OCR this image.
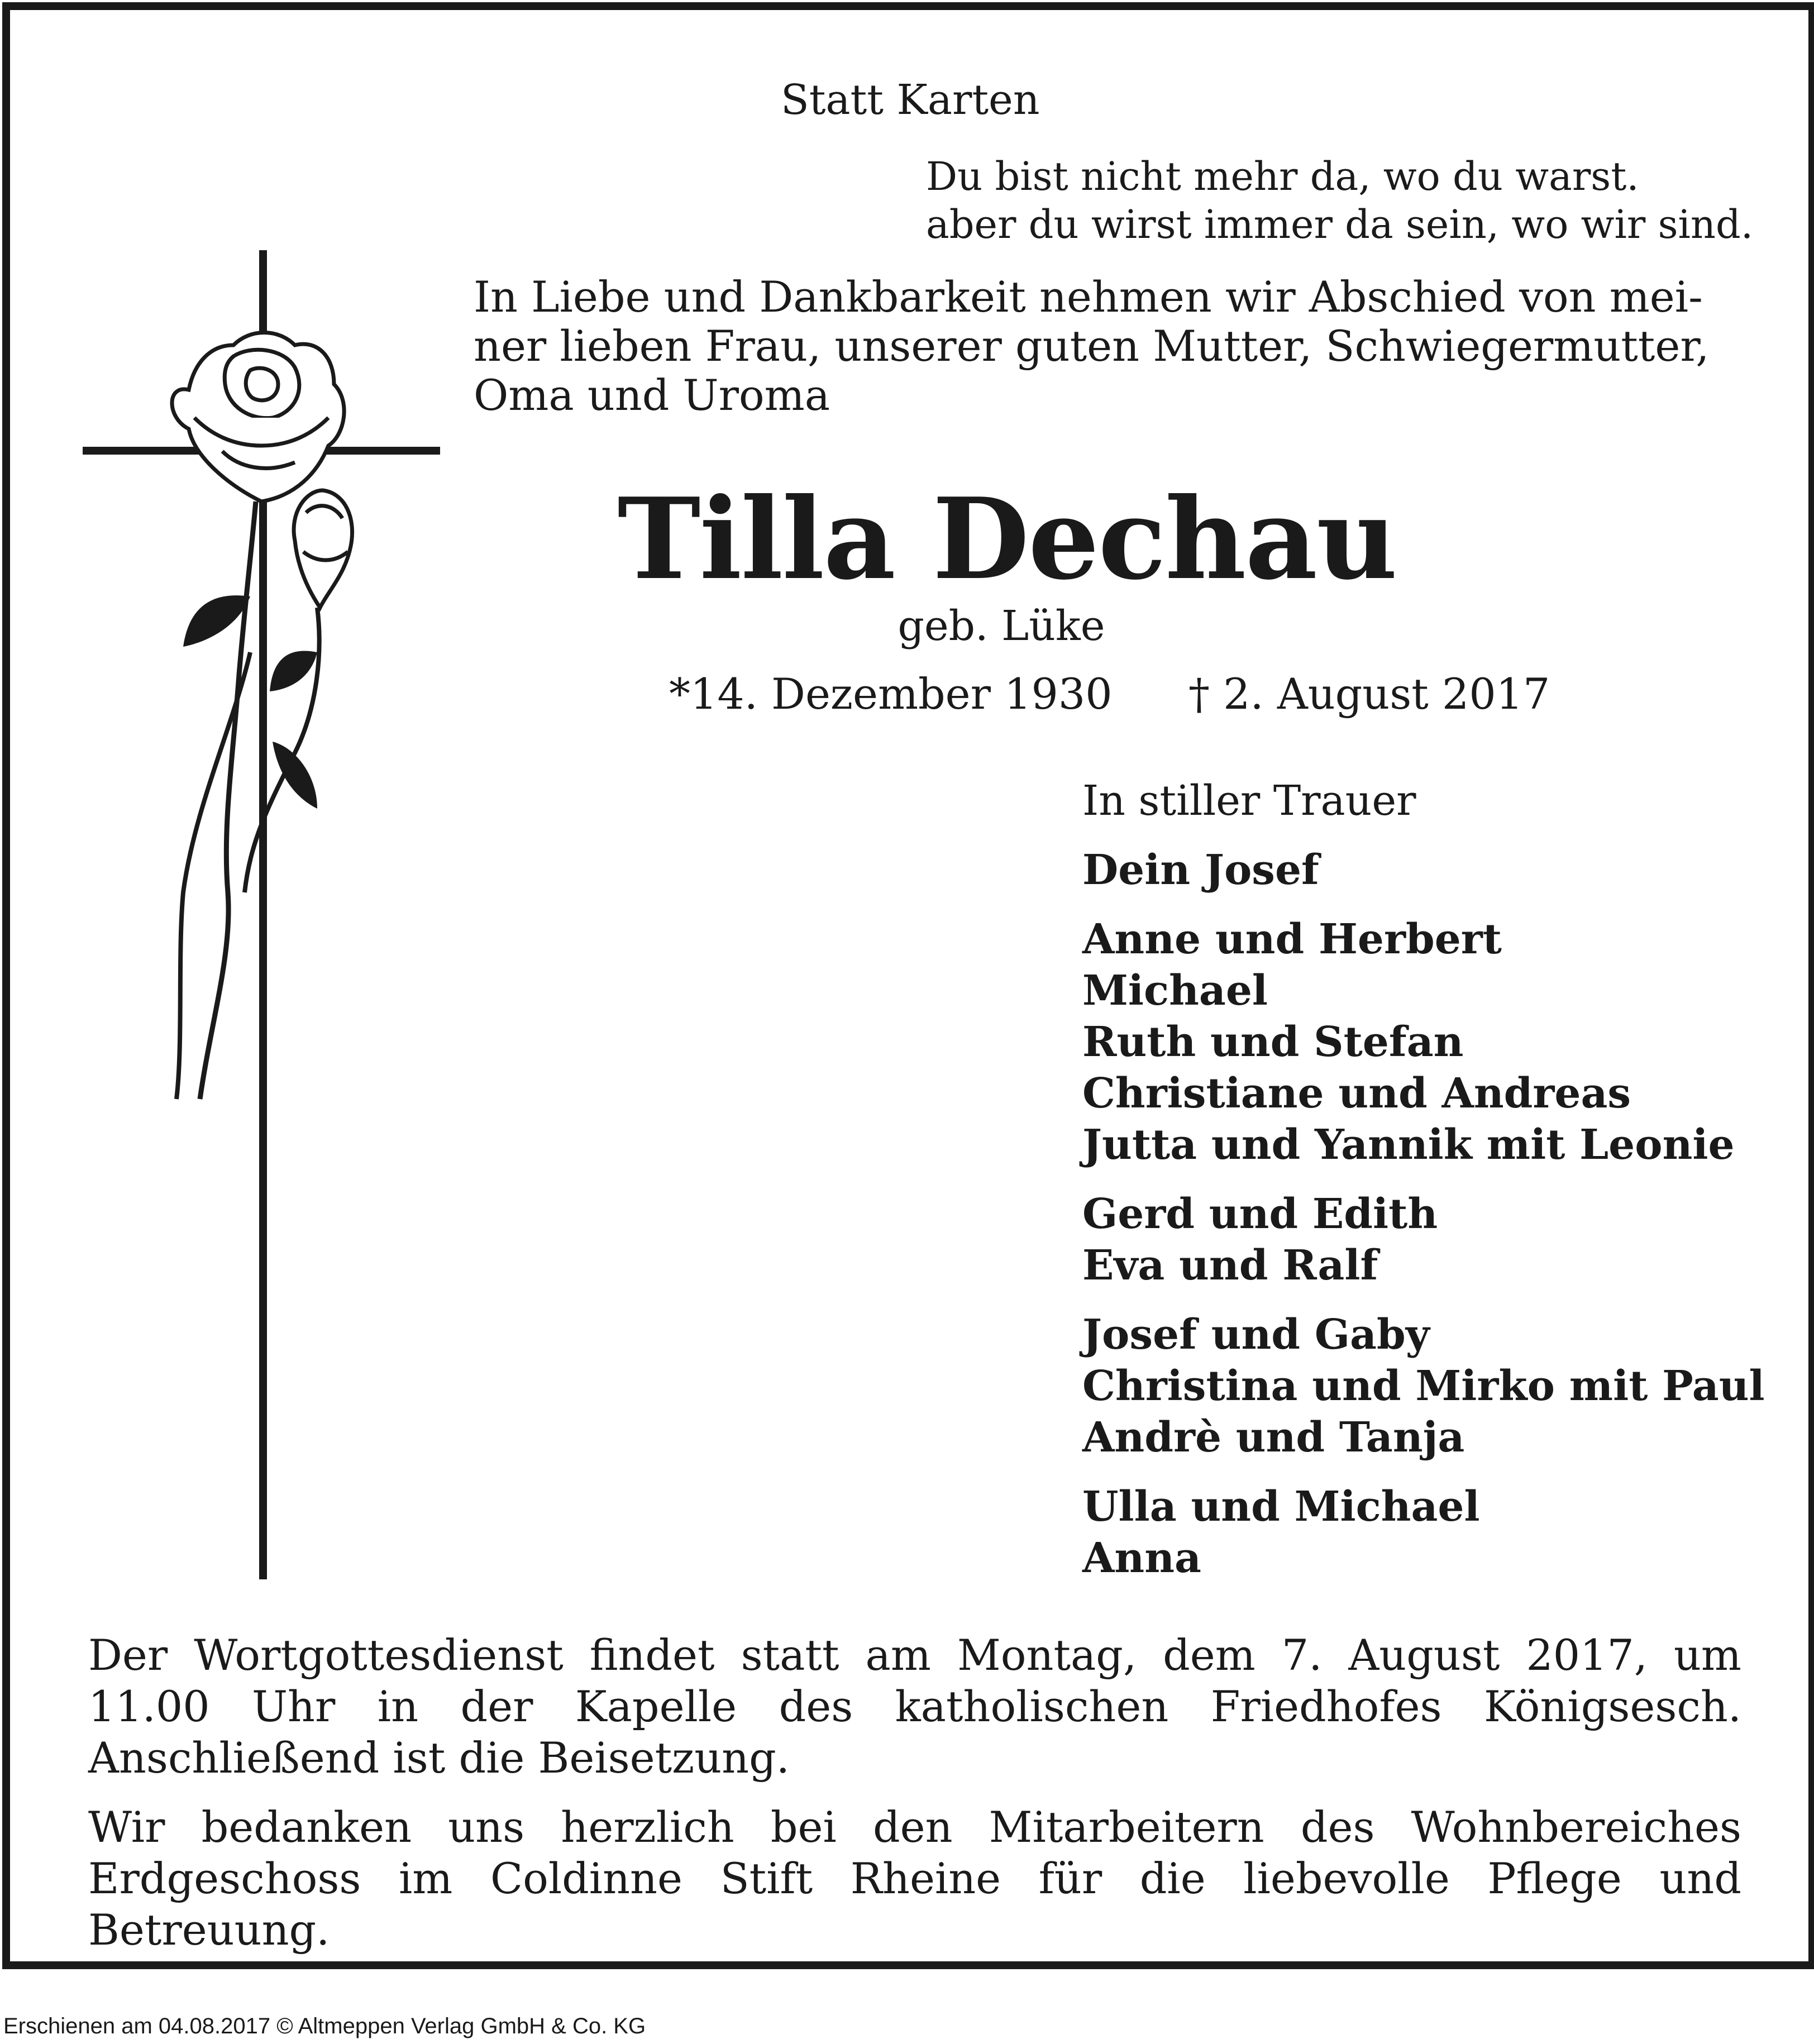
Statt Karten
Du bist nicht mehr da, wo du warst.
aber du wirst immer da sein, wo wir sind.
In Liebe und Dankbarkeit nehmen wir Abschied von mei-
ner lieben Frau, unserer guten Mutter, Schwiegermutter,
Oma und Uroma
Tilla Dechau
geb. Lüke
*14. Dezember 1930 † 2. August 2017
In stiller Trauer
Dein Josef
Anne und Herbert
Michael
Ruth und Stefan
Christiane und Andreas
Jutta und Yannik mit Leonie
Gerd und Edith
Eva und Ralf
Josef und Gaby
Christina und Mirko mit Paul
Andrè und Tanja
Ulla und Michael
Anna

Der Wortgottesdienst findet statt am Montag, dem 7. August 2017, um 11.00 Uhr in der Kapelle des katholischen Friedhofes Königsesch. Anschließend ist die Beisetzung.

Wir bedanken uns herzlich bei den Mitarbeitern des Wohnbereiches Erdgeschoss im Coldinne Stift Rheine für die liebevolle Pflege und Betreuung.

Erschienen am 04.08.2017 © Altmeppen Verlag GmbH & Co. KG
